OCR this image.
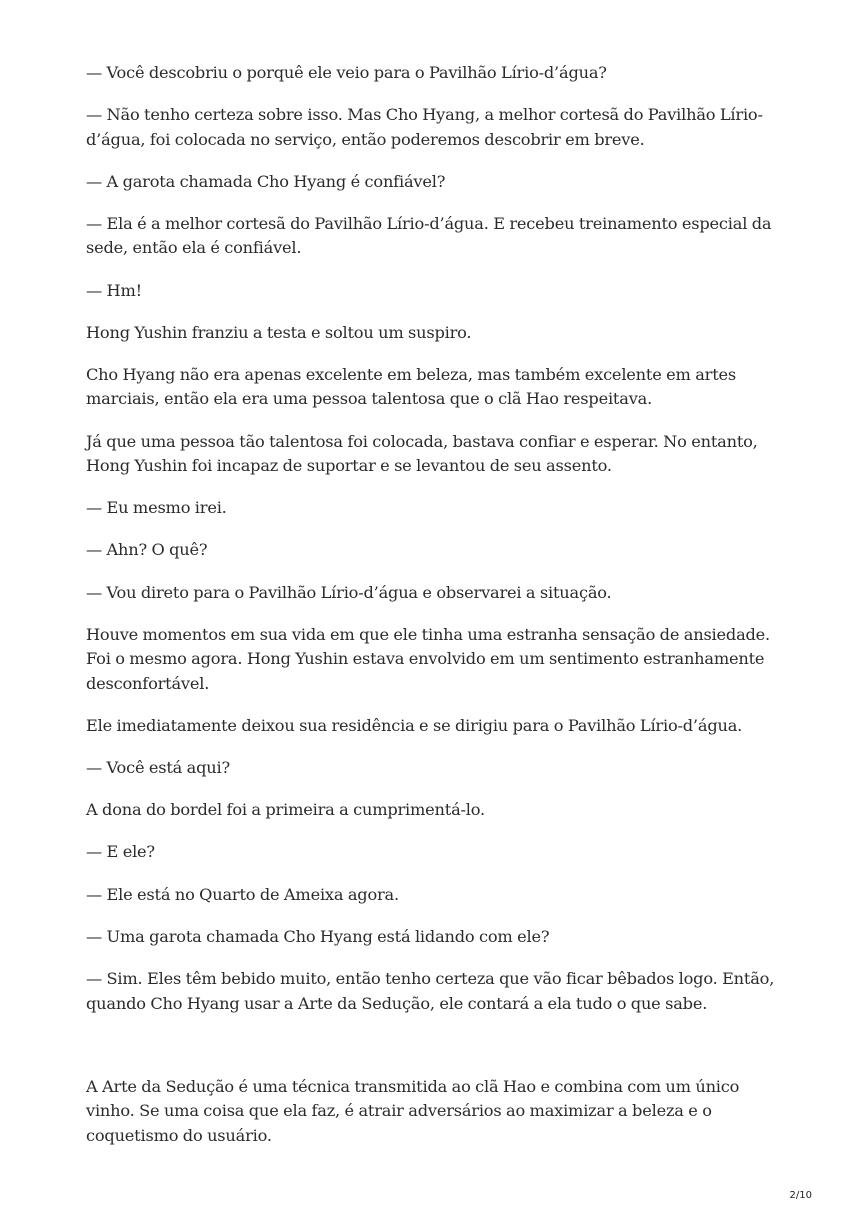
— Você descobriu o porquê ele veio para o Pavilhão Lírio-d’água?

— Não tenho certeza sobre isso. Mas Cho Hyang, a melhor cortesã do Pavilhão Lírio-d’água, foi colocada no serviço, então poderemos descobrir em breve.

— A garota chamada Cho Hyang é confiável?

— Ela é a melhor cortesã do Pavilhão Lírio-d’água. E recebeu treinamento especial da sede, então ela é confiável.

— Hm!

Hong Yushin franziu a testa e soltou um suspiro.

Cho Hyang não era apenas excelente em beleza, mas também excelente em artes marciais, então ela era uma pessoa talentosa que o clã Hao respeitava.

Já que uma pessoa tão talentosa foi colocada, bastava confiar e esperar. No entanto, Hong Yushin foi incapaz de suportar e se levantou de seu assento.

— Eu mesmo irei.

— Ahn? O quê?

— Vou direto para o Pavilhão Lírio-d’água e observarei a situação.

Houve momentos em sua vida em que ele tinha uma estranha sensação de ansiedade. Foi o mesmo agora. Hong Yushin estava envolvido em um sentimento estranhamente desconfortável.

Ele imediatamente deixou sua residência e se dirigiu para o Pavilhão Lírio-d’água.

— Você está aqui?

A dona do bordel foi a primeira a cumprimentá-lo.

— E ele?

— Ele está no Quarto de Ameixa agora.

— Uma garota chamada Cho Hyang está lidando com ele?

— Sim. Eles têm bebido muito, então tenho certeza que vão ficar bêbados logo. Então, quando Cho Hyang usar a Arte da Sedução, ele contará a ela tudo o que sabe.

A Arte da Sedução é uma técnica transmitida ao clã Hao e combina com um único vinho. Se uma coisa que ela faz, é atrair adversários ao maximizar a beleza e o coquetismo do usuário.

2/10
